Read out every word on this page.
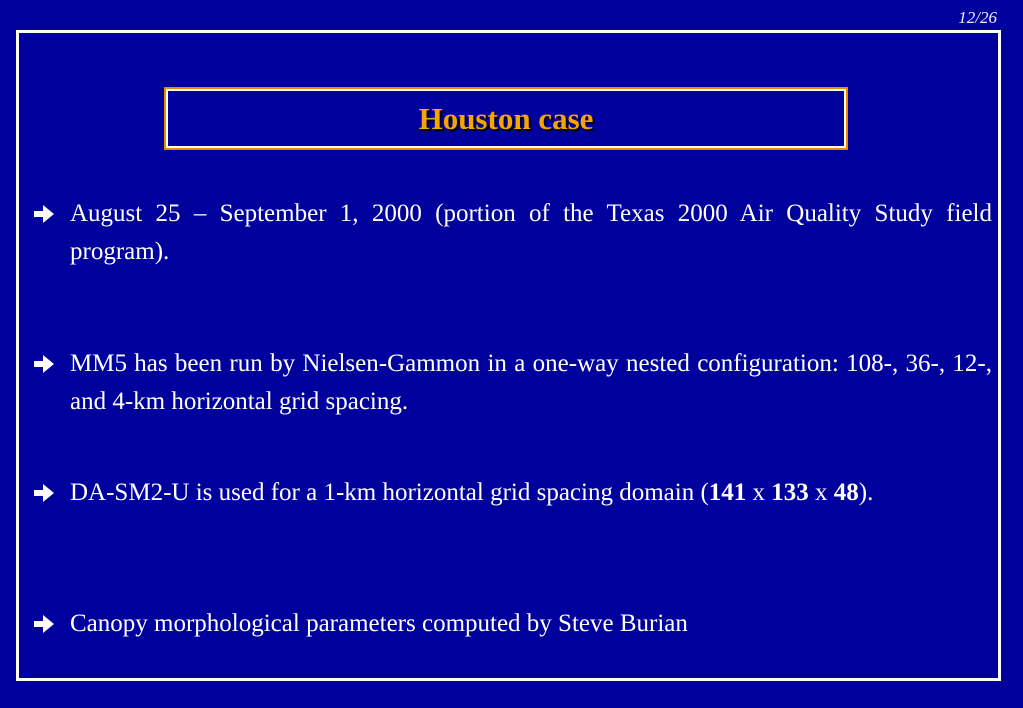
12/26
Houston case
August 25 – September 1, 2000 (portion of the Texas 2000 Air Quality Study field program).
MM5 has been run by Nielsen-Gammon in a one-way nested configuration: 108-, 36-, 12-, and 4-km horizontal grid spacing.
DA-SM2-U is used for a 1-km horizontal grid spacing domain (141 x 133 x 48).
Canopy morphological parameters computed by Steve Burian
